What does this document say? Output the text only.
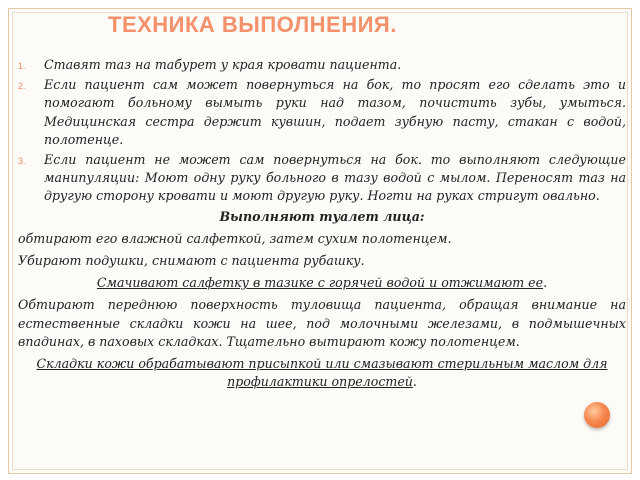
ТЕХНИКА ВЫПОЛНЕНИЯ.
1. Ставят таз на табурет у края кровати пациента.
2. Если пациент сам может повернуться на бок, то просят его сделать это и помогают больному вымыть руки над тазом, почистить зубы, умыться. Медицинская сестра держит кувшин, подает зубную пасту, стакан с водой, полотенце.
3. Если пациент не может сам повернуться на бок. то выполняют следующие манипуляции: Моют одну руку больного в тазу водой с мылом. Переносят таз на другую сторону кровати и моют другую руку. Ногти на руках стригут овально.

Выполняют туалет лица:

обтирают его влажной салфеткой, затем сухим полотенцем.

Убирают подушки, снимают с пациента рубашку.

Смачивают салфетку в тазике с горячей водой и отжимают ее.

Обтирают переднюю поверхность туловища пациента, обращая внимание на естественные складки кожи на шее, под молочными железами, в подмышечных впадинах, в паховых складках. Тщательно вытирают кожу полотенцем.

Складки кожи обрабатывают присыпкой или смазывают стерильным маслом для профилактики опрелостей.
